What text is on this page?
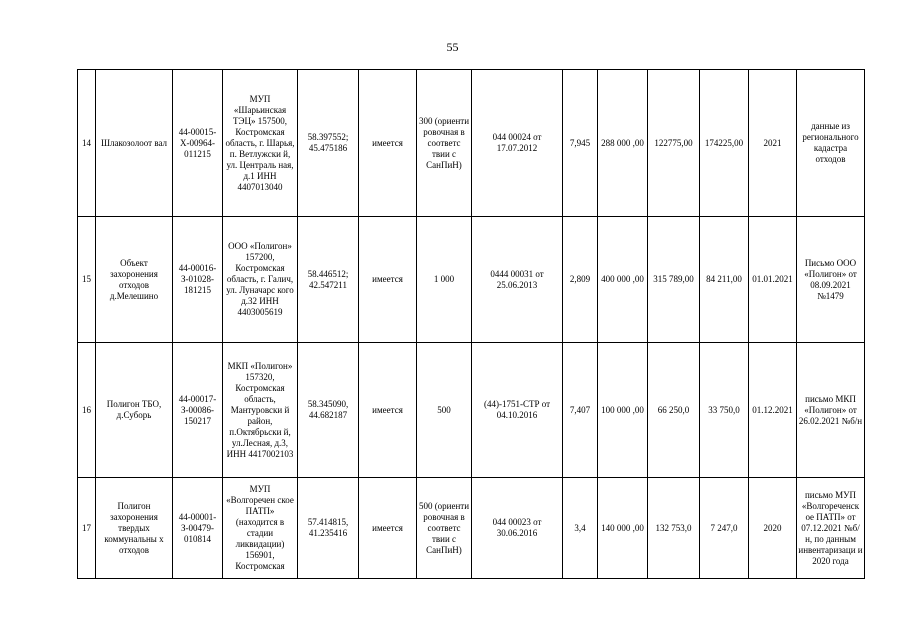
55
14	Шлакозолоот вал	44-00015-Х-00964-011215	МУП «Шарьинская ТЭЦ» 157500, Костромская область, г. Шарья, п. Ветлужски й, ул. Централь ная, д.1 ИНН 4407013040	58.397552; 45.475186	имеется	300 (ориенти ровочная в соответс твии с СанПиН)	044 00024 от 17.07.2012	7,945	288 000 ,00	122775,00	174225,00	2021	данные из регионального кадастра отходов
15	Объект захоронения отходов д.Мелешино	44-00016-З-01028-181215	ООО «Полигон» 157200, Костромская область, г. Галич, ул. Луначарс кого д.32 ИНН 4403005619	58.446512; 42.547211	имеется	1 000	0444 00031 от 25.06.2013	2,809	400 000 ,00	315 789,00	84 211,00	01.01.2021	Письмо ООО «Полигон» от 08.09.2021 №1479
16	Полигон ТБО, д.Суборь	44-00017-З-00086-150217	МКП «Полигон» 157320, Костромская область, Мантуровски й район, п.Октябрьски й, ул.Лесная, д.3, ИНН 4417002103	58.345090, 44.682187	имеется	500	(44)-1751-СТР от 04.10.2016	7,407	100 000 ,00	66 250,0	33 750,0	01.12.2021	письмо МКП «Полигон» от 26.02.2021 №б/н
17	Полигон захоронения твердых коммунальны х отходов	44-00001-З-00479-010814	МУП «Волгоречен ское ПАТП» (находится в стадии ликвидации) 156901, Костромская	57.414815, 41.235416	имеется	500 (ориенти ровочная в соответс твии с СанПиН)	044 00023 от 30.06.2016	3,4	140 000 ,00	132 753,0	7 247,0	2020	письмо МУП «Волгореченск ое ПАТП» от 07.12.2021 №б/н, по данным инвентаризаци и 2020 года
